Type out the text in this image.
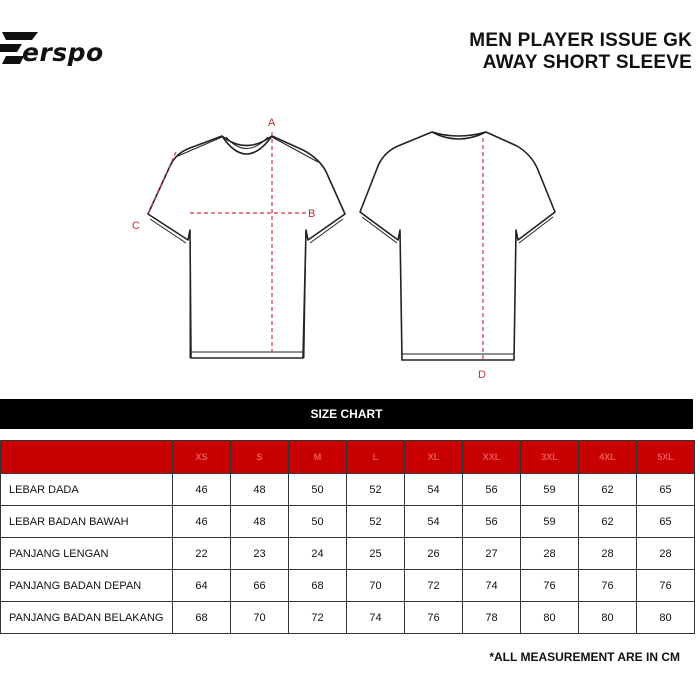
erspo	MEN PLAYER ISSUE GK
AWAY SHORT SLEEVE
A
B
C
D
SIZE CHART
	XS	S	M	L	XL	XXL	3XL	4XL	5XL
LEBAR DADA	46	48	50	52	54	56	59	62	65
LEBAR BADAN BAWAH	46	48	50	52	54	56	59	62	65
PANJANG LENGAN	22	23	24	25	26	27	28	28	28
PANJANG BADAN DEPAN	64	66	68	70	72	74	76	76	76
PANJANG BADAN BELAKANG	68	70	72	74	76	78	80	80	80
*ALL MEASUREMENT ARE IN CM
